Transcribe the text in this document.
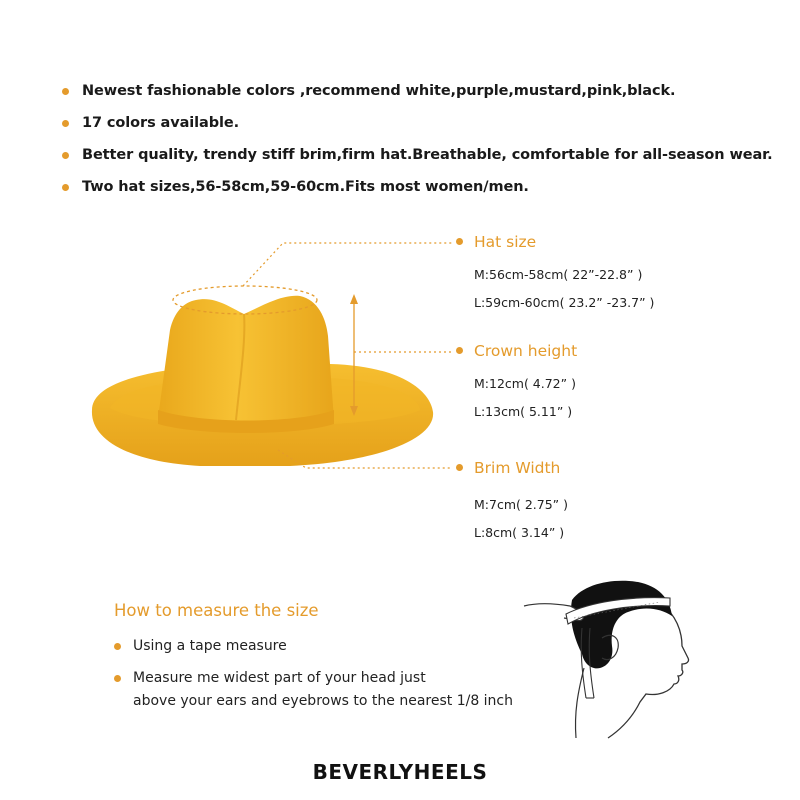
Newest fashionable colors ,recommend white,purple,mustard,pink,black.
17 colors available.
Better quality, trendy stiff brim,firm hat.Breathable, comfortable for all-season wear.
Two hat sizes,56-58cm,59-60cm.Fits most women/men.
Hat size
M:56cm-58cm( 22”-22.8” )
L:59cm-60cm( 23.2” -23.7” )
Crown height
M:12cm( 4.72” )
L:13cm( 5.11” )
Brim Width
M:7cm( 2.75” )
L:8cm( 3.14” )
How to measure the size
Using a tape measure
Measure me widest part of your head just
above your ears and eyebrows to the nearest 1/8 inch
BEVERLYHEELS
